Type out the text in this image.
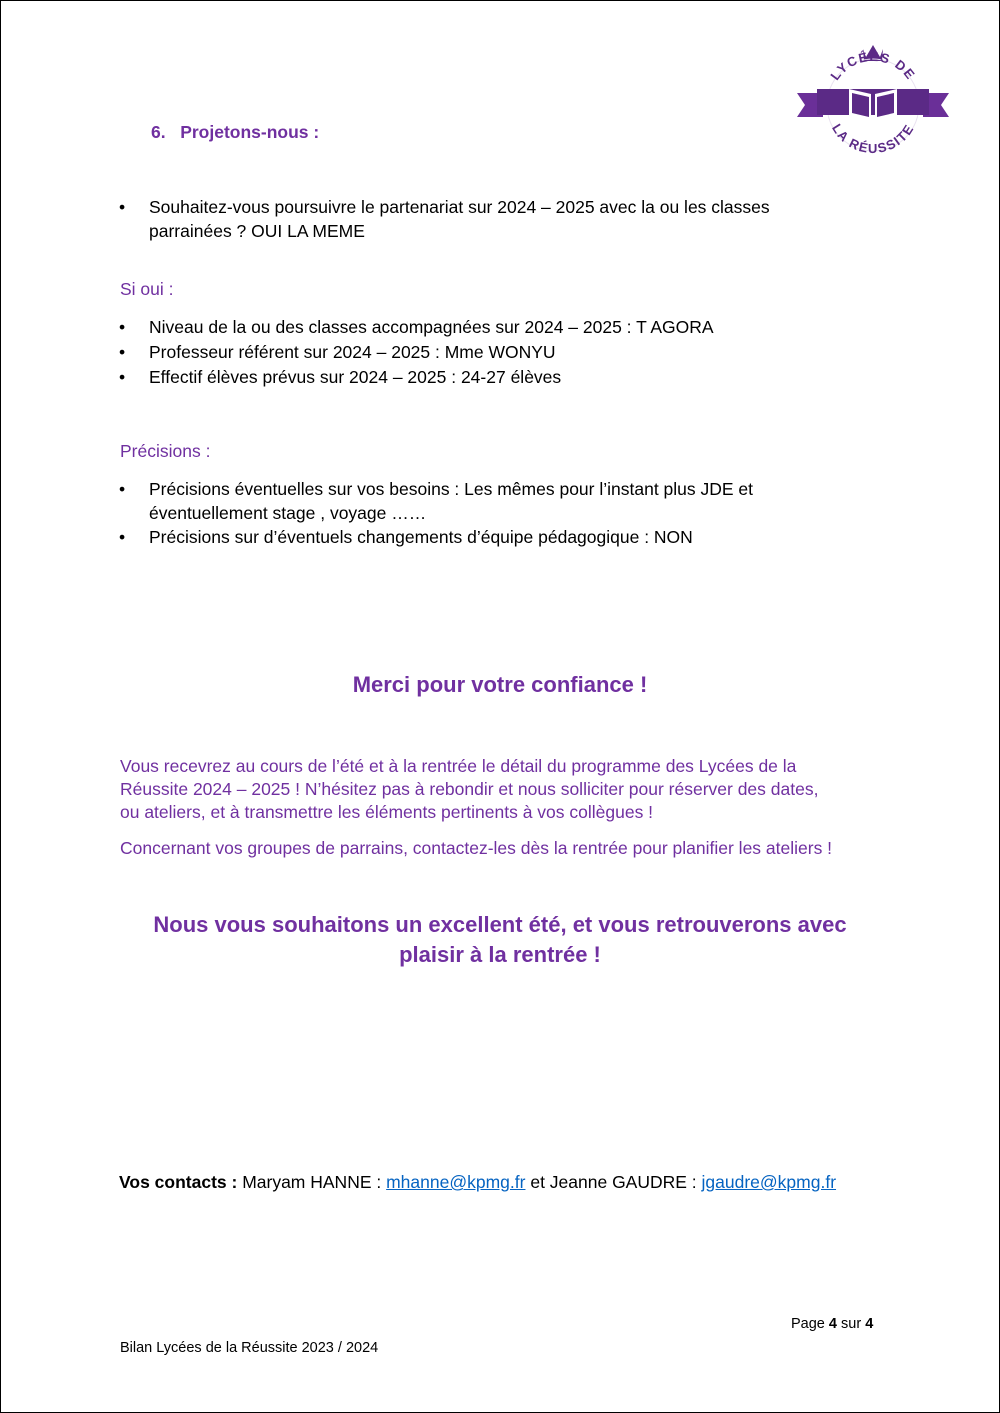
LYCÉES DE
LA RÉUSSITE
6. Projetons-nous :
• Souhaitez-vous poursuivre le partenariat sur 2024 – 2025 avec la ou les classes
parrainées ? OUI LA MEME
Si oui :
• Niveau de la ou des classes accompagnées sur 2024 – 2025 : T AGORA
• Professeur référent sur 2024 – 2025 : Mme WONYU
• Effectif élèves prévus sur 2024 – 2025 : 24-27 élèves
Précisions :
• Précisions éventuelles sur vos besoins : Les mêmes pour l’instant plus JDE et
éventuellement stage , voyage ……
• Précisions sur d’éventuels changements d’équipe pédagogique : NON
Merci pour votre confiance !
Vous recevrez au cours de l’été et à la rentrée le détail du programme des Lycées de la
Réussite 2024 – 2025 ! N’hésitez pas à rebondir et nous solliciter pour réserver des dates,
ou ateliers, et à transmettre les éléments pertinents à vos collègues !
Concernant vos groupes de parrains, contactez-les dès la rentrée pour planifier les ateliers !
Nous vous souhaitons un excellent été, et vous retrouverons avec
plaisir à la rentrée !
Vos contacts : Maryam HANNE : mhanne@kpmg.fr et Jeanne GAUDRE : jgaudre@kpmg.fr
Page 4 sur 4
Bilan Lycées de la Réussite 2023 / 2024
